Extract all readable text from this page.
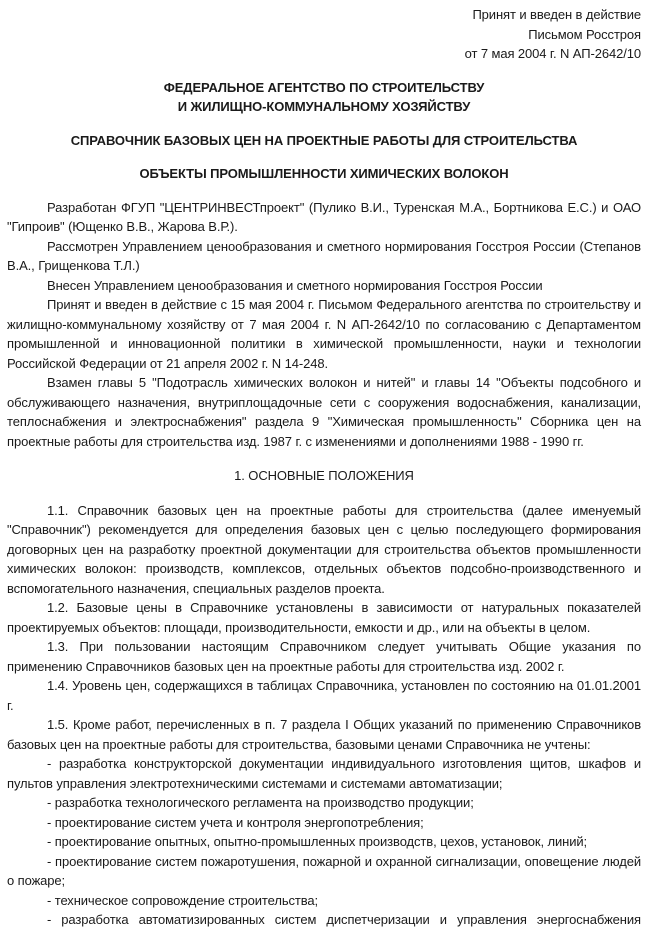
Принят и введен в действие
Письмом Росстроя
от 7 мая 2004 г. N АП-2642/10
ФЕДЕРАЛЬНОЕ АГЕНТСТВО ПО СТРОИТЕЛЬСТВУ
И ЖИЛИЩНО-КОММУНАЛЬНОМУ ХОЗЯЙСТВУ
СПРАВОЧНИК БАЗОВЫХ ЦЕН НА ПРОЕКТНЫЕ РАБОТЫ ДЛЯ СТРОИТЕЛЬСТВА
ОБЪЕКТЫ ПРОМЫШЛЕННОСТИ ХИМИЧЕСКИХ ВОЛОКОН

Разработан ФГУП "ЦЕНТРИНВЕСТпроект" (Пулико В.И., Туренская М.А., Бортникова Е.С.) и ОАО "Гипроив" (Ющенко В.В., Жарова В.Р.).

Рассмотрен Управлением ценообразования и сметного нормирования Госстроя России (Степанов В.А., Грищенкова Т.Л.)

Внесен Управлением ценообразования и сметного нормирования Госстроя России

Принят и введен в действие с 15 мая 2004 г. Письмом Федерального агентства по строительству и жилищно-коммунальному хозяйству от 7 мая 2004 г. N АП-2642/10 по согласованию с Департаментом промышленной и инновационной политики в химической промышленности, науки и технологии Российской Федерации от 21 апреля 2002 г. N 14-248.

Взамен главы 5 "Подотрасль химических волокон и нитей" и главы 14 "Объекты подсобного и обслуживающего назначения, внутриплощадочные сети с сооружения водоснабжения, канализации, теплоснабжения и электроснабжения" раздела 9 "Химическая промышленность" Сборника цен на проектные работы для строительства изд. 1987 г. с изменениями и дополнениями 1988 - 1990 гг.

1. ОСНОВНЫЕ ПОЛОЖЕНИЯ

1.1. Справочник базовых цен на проектные работы для строительства (далее именуемый "Справочник") рекомендуется для определения базовых цен с целью последующего формирования договорных цен на разработку проектной документации для строительства объектов промышленности химических волокон: производств, комплексов, отдельных объектов подсобно-производственного и вспомогательного назначения, специальных разделов проекта.

1.2. Базовые цены в Справочнике установлены в зависимости от натуральных показателей проектируемых объектов: площади, производительности, емкости и др., или на объекты в целом.

1.3. При пользовании настоящим Справочником следует учитывать Общие указания по применению Справочников базовых цен на проектные работы для строительства изд. 2002 г.

1.4. Уровень цен, содержащихся в таблицах Справочника, установлен по состоянию на 01.01.2001 г.

1.5. Кроме работ, перечисленных в п. 7 раздела I Общих указаний по применению Справочников базовых цен на проектные работы для строительства, базовыми ценами Справочника не учтены:

- разработка конструкторской документации индивидуального изготовления щитов, шкафов и пультов управления электротехническими системами и системами автоматизации;

- разработка технологического регламента на производство продукции;

- проектирование систем учета и контроля энергопотребления;

- проектирование опытных, опытно-промышленных производств, цехов, установок, линий;

- проектирование систем пожаротушения, пожарной и охранной сигнализации, оповещение людей о пожаре;

- техническое сопровождение строительства;

- разработка автоматизированных систем диспетчеризации и управления энергоснабжения
